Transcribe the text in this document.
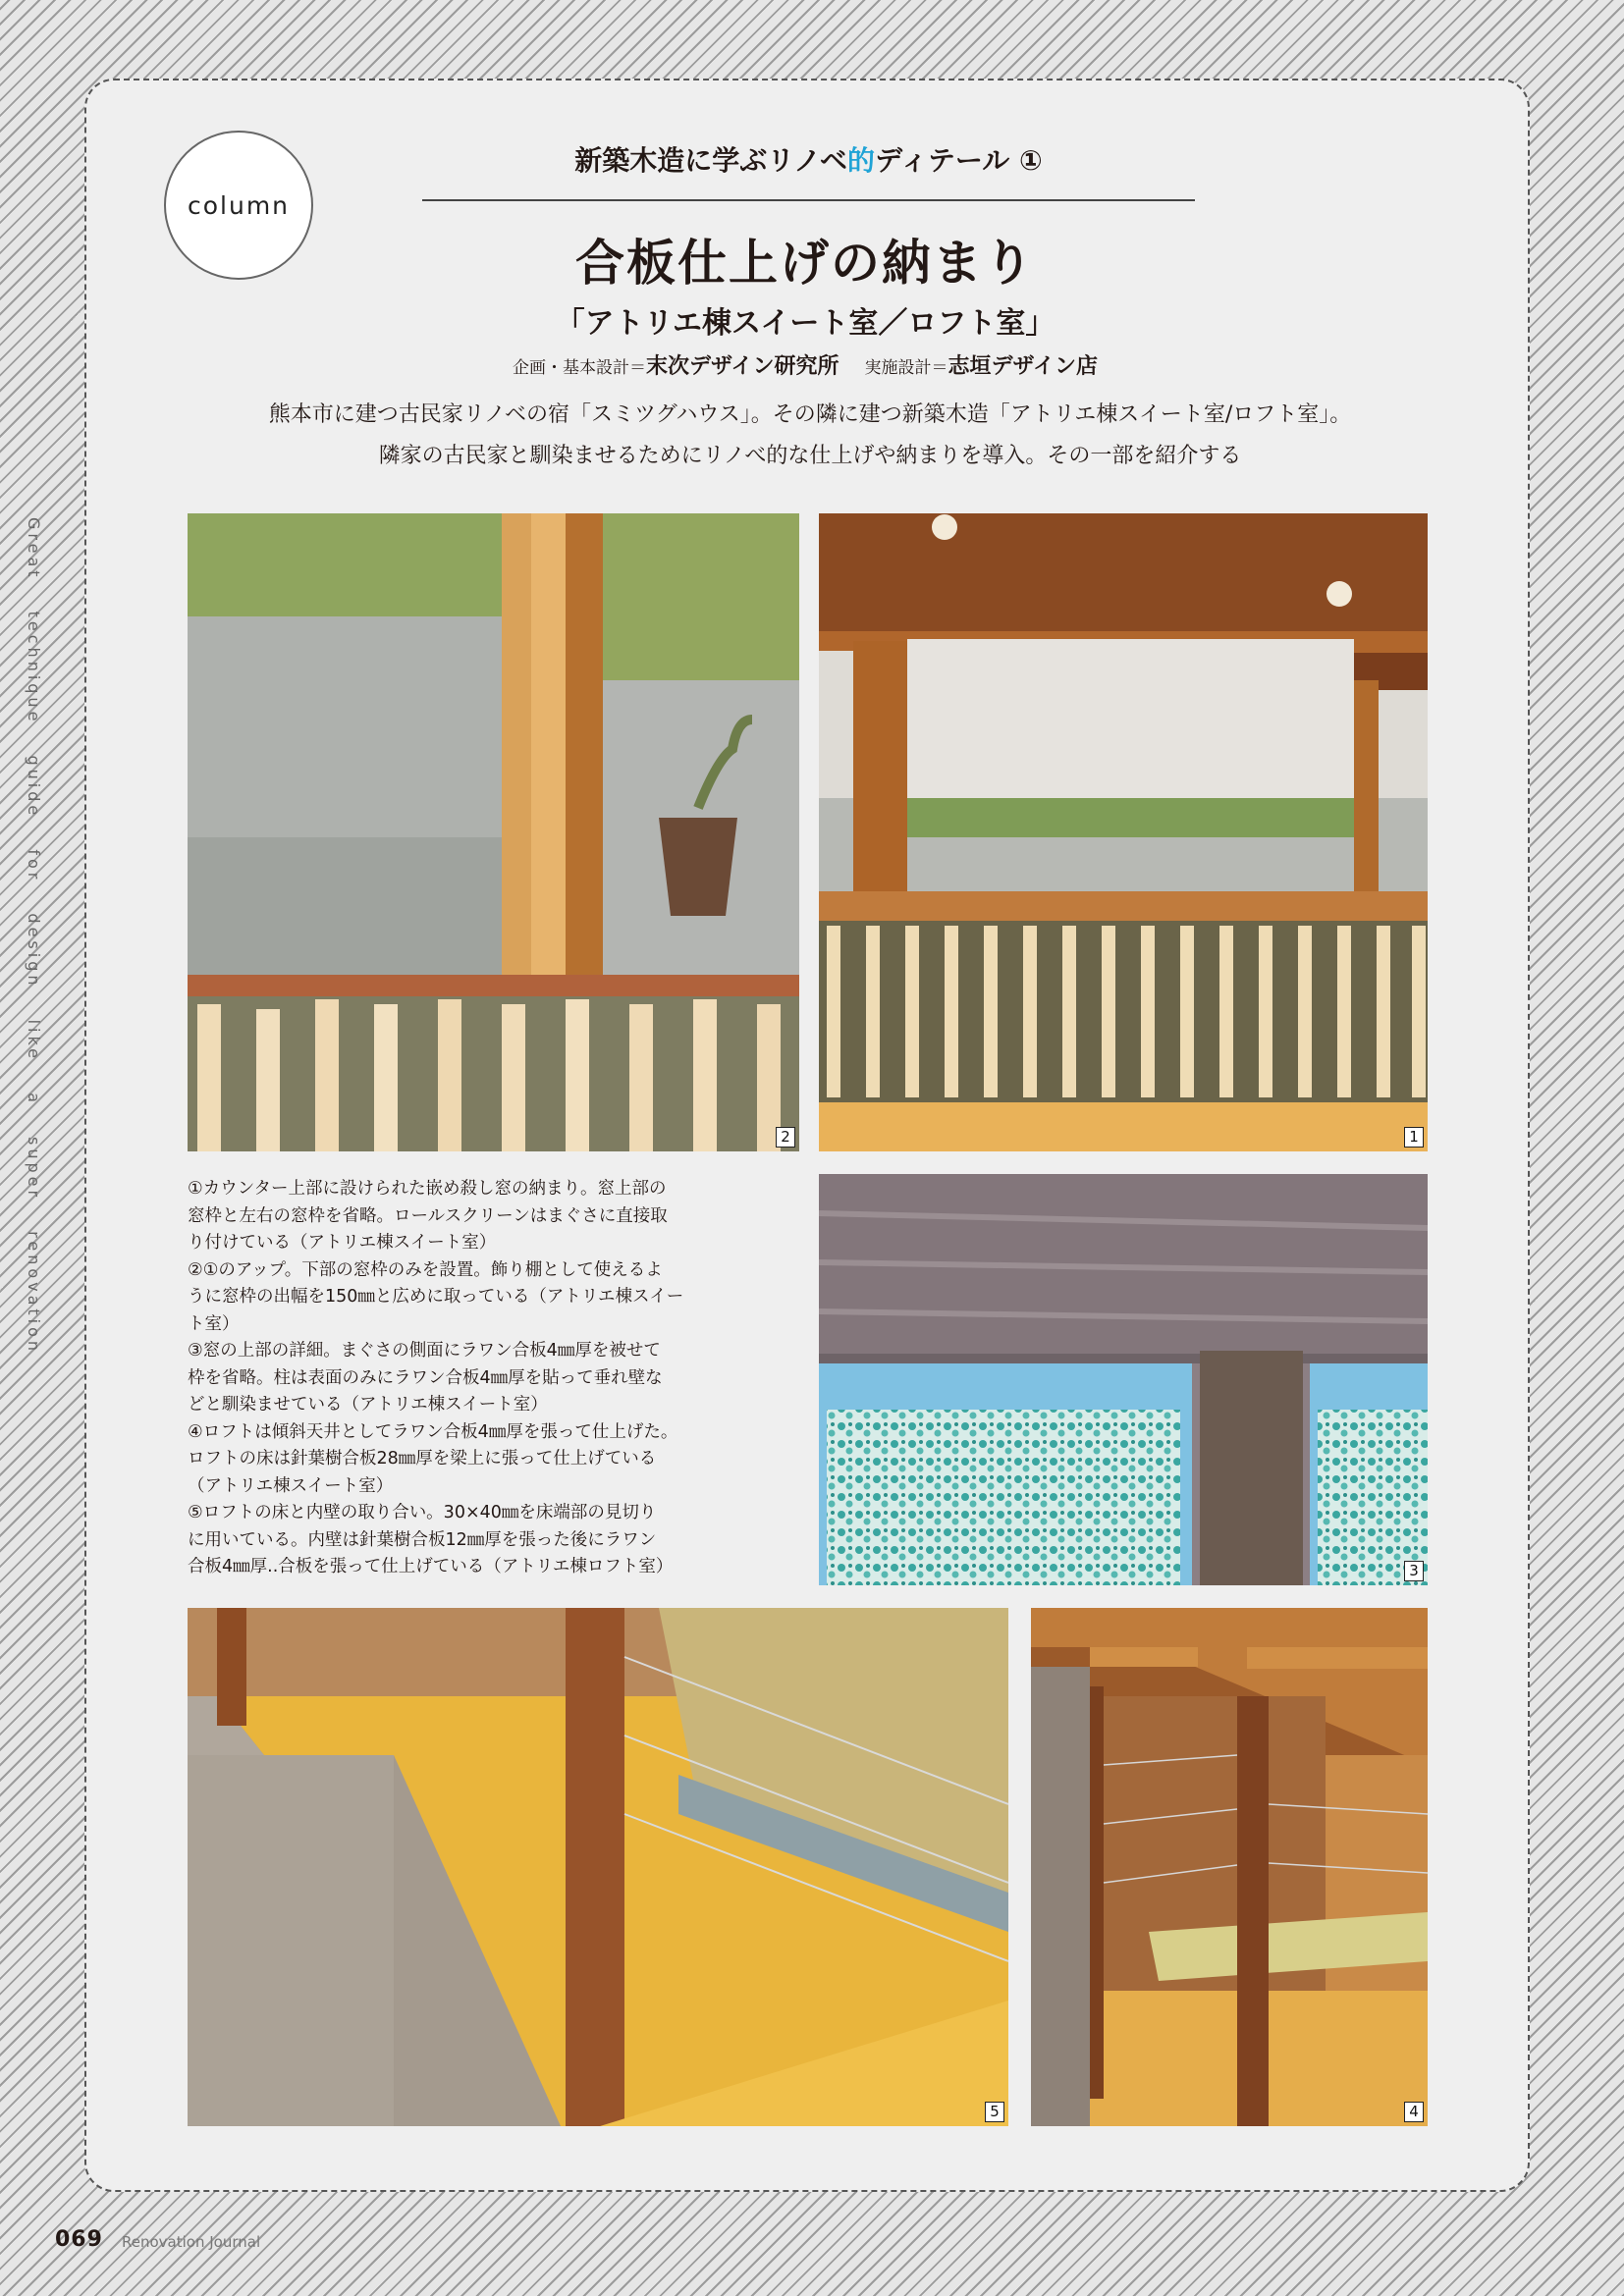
column
新築木造に学ぶリノベ的ディテール ①
合板仕上げの納まり
「アトリエ棟スイート室／ロフト室」
企画・基本設計＝末次デザイン研究所 実施設計＝志垣デザイン店

熊本市に建つ古民家リノベの宿「スミツグハウス」。その隣に建つ新築木造「アトリエ棟スイート室/ロフト室」。

隣家の古民家と馴染ませるためにリノべ的な仕上げや納まりを導入。その一部を紹介する

Great technique guide for design like a super renovation	2	1
3
5	4

①カウンター上部に設けられた嵌め殺し窓の納まり。窓上部の

窓枠と左右の窓枠を省略。ロールスクリーンはまぐさに直接取

り付けている（アトリエ棟スイート室）

②①のアップ。下部の窓枠のみを設置。飾り棚として使えるよ

うに窓枠の出幅を150㎜と広めに取っている（アトリエ棟スイー

ト室）

③窓の上部の詳細。まぐさの側面にラワン合板4㎜厚を被せて

枠を省略。柱は表面のみにラワン合板4㎜厚を貼って垂れ壁な

どと馴染ませている（アトリエ棟スイート室）

④ロフトは傾斜天井としてラワン合板4㎜厚を張って仕上げた。

ロフトの床は針葉樹合板28㎜厚を梁上に張って仕上げている

（アトリエ棟スイート室）

⑤ロフトの床と内壁の取り合い。30×40㎜を床端部の見切り

に用いている。内壁は針葉樹合板12㎜厚を張った後にラワン

合板4㎜厚..合板を張って仕上げている（アトリエ棟ロフト室）

069 Renovation Journal
